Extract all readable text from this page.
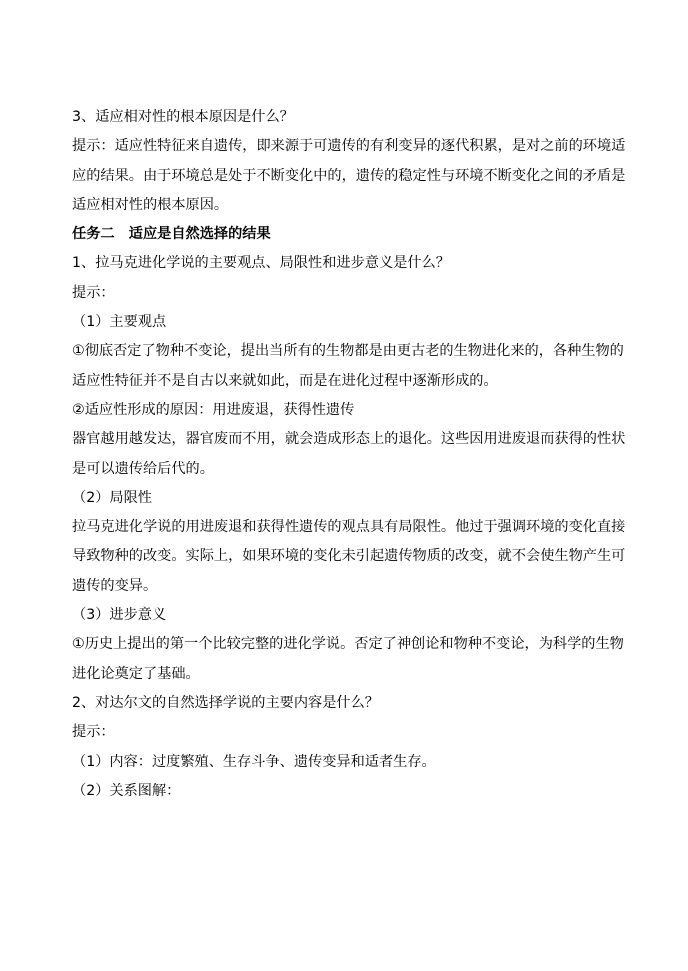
3、适应相对性的根本原因是什么？

提示：适应性特征来自遗传，即来源于可遗传的有利变异的逐代积累，是对之前的环境适

应的结果。由于环境总是处于不断变化中的，遗传的稳定性与环境不断变化之间的矛盾是

适应相对性的根本原因。

任务二　适应是自然选择的结果

1、拉马克进化学说的主要观点、局限性和进步意义是什么？

提示：

（1）主要观点

①彻底否定了物种不变论，提出当所有的生物都是由更古老的生物进化来的，各种生物的

适应性特征并不是自古以来就如此，而是在进化过程中逐渐形成的。

②适应性形成的原因：用进废退，获得性遗传

器官越用越发达，器官废而不用，就会造成形态上的退化。这些因用进废退而获得的性状

是可以遗传给后代的。

（2）局限性

拉马克进化学说的用进废退和获得性遗传的观点具有局限性。他过于强调环境的变化直接

导致物种的改变。实际上，如果环境的变化未引起遗传物质的改变，就不会使生物产生可

遗传的变异。

（3）进步意义

①历史上提出的第一个比较完整的进化学说。否定了神创论和物种不变论，为科学的生物

进化论奠定了基础。

2、对达尔文的自然选择学说的主要内容是什么？

提示：

（1）内容：过度繁殖、生存斗争、遗传变异和适者生存。

（2）关系图解：
